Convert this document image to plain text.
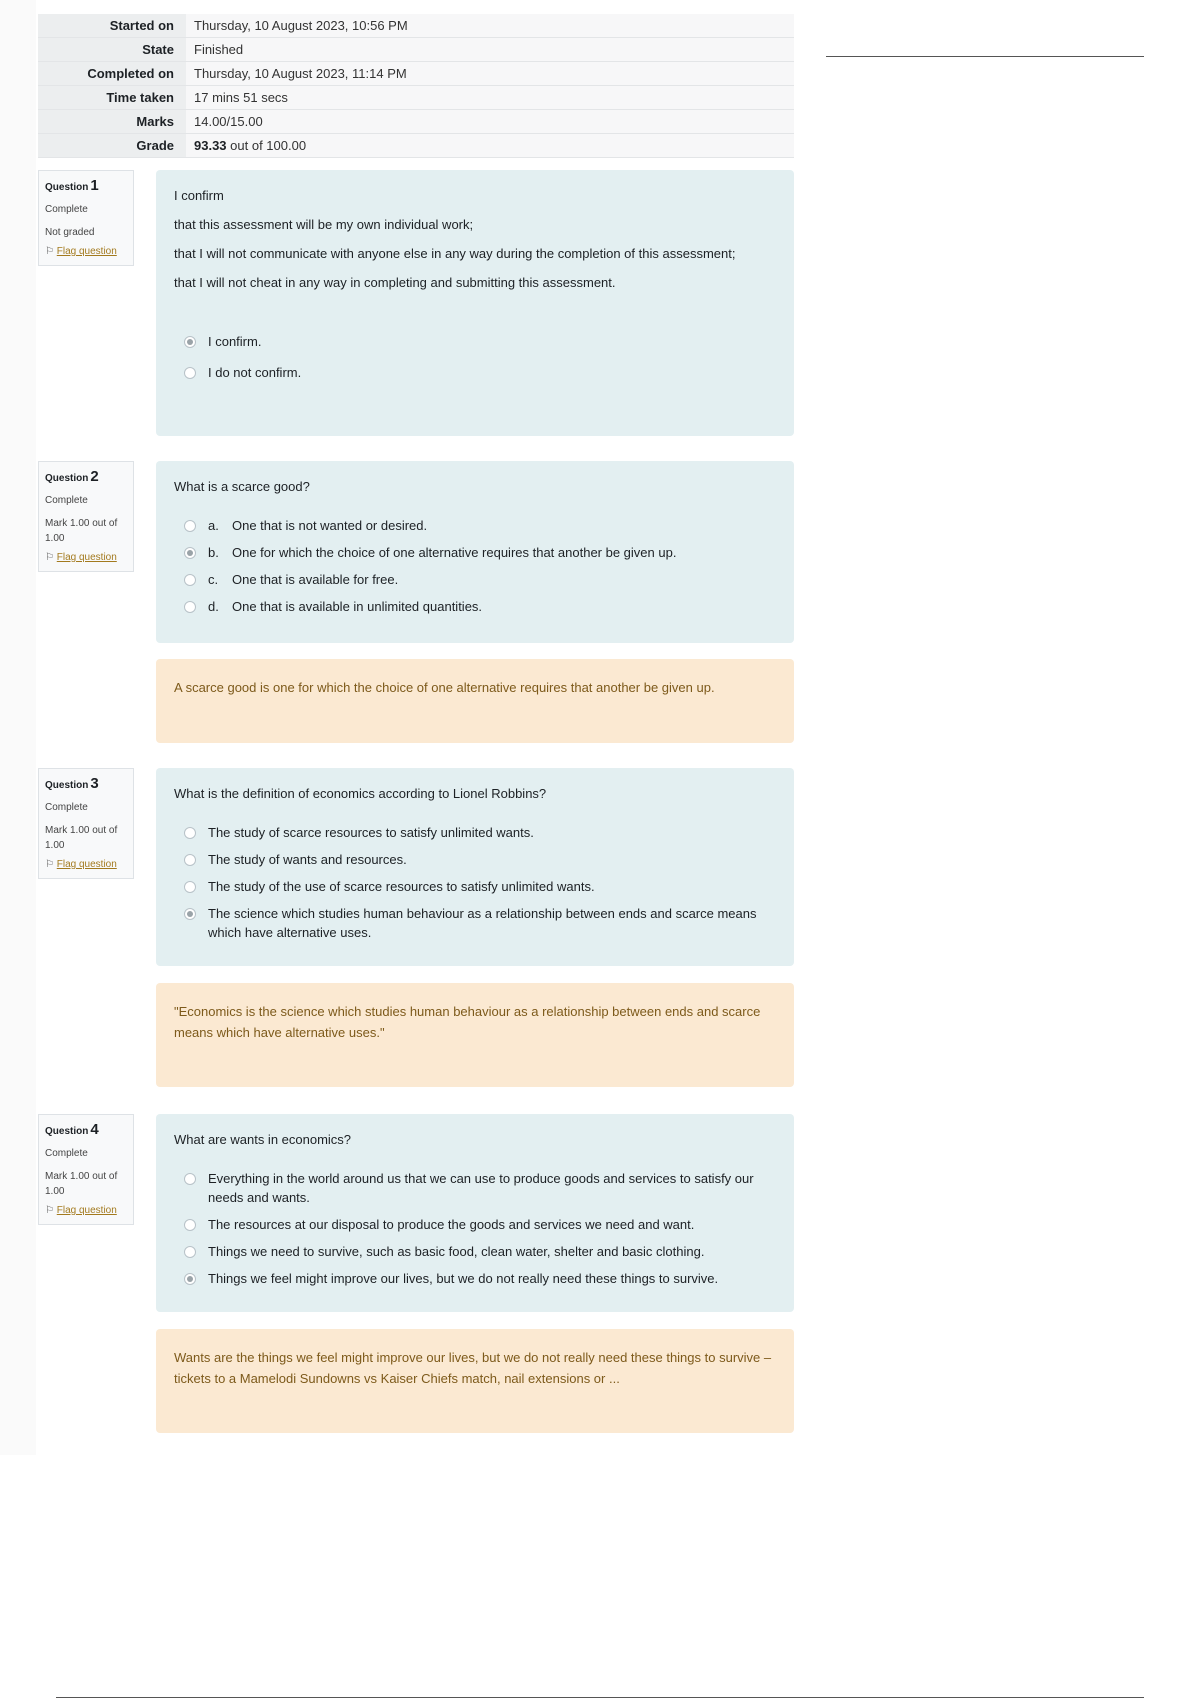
Started on	Thursday, 10 August 2023, 10:56 PM
State	Finished
Completed on	Thursday, 10 August 2023, 11:14 PM
Time taken	17 mins 51 secs
Marks	14.00/15.00
Grade	93.33 out of 100.00
Question 1
Complete
Not graded
⚐ Flag question

I confirm

that this assessment will be my own individual work;

that I will not communicate with anyone else in any way during the completion of this assessment;

that I will not cheat in any way in completing and submitting this assessment.

I confirm.
I do not confirm.
Question 2
Complete
Mark 1.00 out of 1.00
⚐ Flag question

What is a scarce good?

a.	One that is not wanted or desired.
b.	One for which the choice of one alternative requires that another be given up.
c.	One that is available for free.
d.	One that is available in unlimited quantities.
A scarce good is one for which the choice of one alternative requires that another be given up.
Question 3
Complete
Mark 1.00 out of 1.00
⚐ Flag question

What is the definition of economics according to Lionel Robbins?

The study of scarce resources to satisfy unlimited wants.
The study of wants and resources.
The study of the use of scarce resources to satisfy unlimited wants.
The science which studies human behaviour as a relationship between ends and scarce means which have alternative uses.
"Economics is the science which studies human behaviour as a relationship between ends and scarce means which have alternative uses."
Question 4
Complete
Mark 1.00 out of 1.00
⚐ Flag question

What are wants in economics?

Everything in the world around us that we can use to produce goods and services to satisfy our needs and wants.
The resources at our disposal to produce the goods and services we need and want.
Things we need to survive, such as basic food, clean water, shelter and basic clothing.
Things we feel might improve our lives, but we do not really need these things to survive.
Wants are the things we feel might improve our lives, but we do not really need these things to survive – tickets to a Mamelodi Sundowns vs Kaiser Chiefs match, nail extensions or ...
